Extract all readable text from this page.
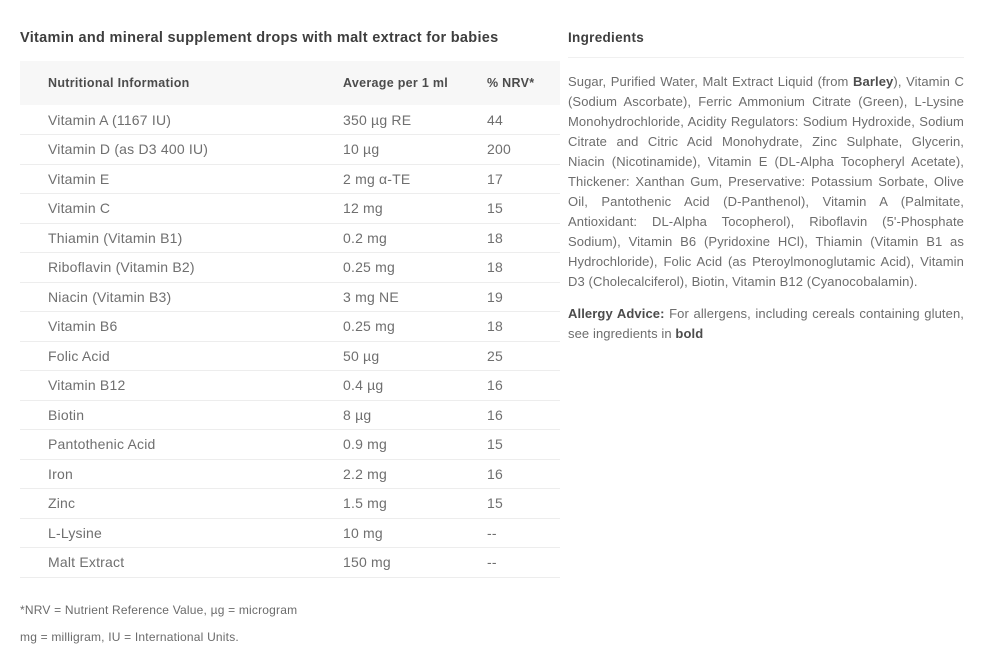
Vitamin and mineral supplement drops with malt extract for babies
Nutritional Information	Average per 1 ml	% NRV*
Vitamin A (1167 IU)	350 µg RE	44
Vitamin D (as D3 400 IU)	10 µg	200
Vitamin E	2 mg α-TE	17
Vitamin C	12 mg	15
Thiamin (Vitamin B1)	0.2 mg	18
Riboflavin (Vitamin B2)	0.25 mg	18
Niacin (Vitamin B3)	3 mg NE	19
Vitamin B6	0.25 mg	18
Folic Acid	50 µg	25
Vitamin B12	0.4 µg	16
Biotin	8 µg	16
Pantothenic Acid	0.9 mg	15
Iron	2.2 mg	16
Zinc	1.5 mg	15
L-Lysine	10 mg	--
Malt Extract	150 mg	--
*NRV = Nutrient Reference Value, µg = microgram
mg = milligram, IU = International Units.
Ingredients

Sugar, Purified Water, Malt Extract Liquid (from Barley), Vitamin C (Sodium Ascorbate), Ferric Ammonium Citrate (Green), L-Lysine Monohydrochloride, Acidity Regulators: Sodium Hydroxide, Sodium Citrate and Citric Acid Monohydrate, Zinc Sulphate, Glycerin, Niacin (Nicotinamide), Vitamin E (DL-Alpha Tocopheryl Acetate), Thickener: Xanthan Gum, Preservative: Potassium Sorbate, Olive Oil, Pantothenic Acid (D-Panthenol), Vitamin A (Palmitate, Antioxidant: DL-Alpha Tocopherol), Riboflavin (5'-Phosphate Sodium), Vitamin B6 (Pyridoxine HCl), Thiamin (Vitamin B1 as Hydrochloride), Folic Acid (as Pteroylmonoglutamic Acid), Vitamin D3 (Cholecalciferol), Biotin, Vitamin B12 (Cyanocobalamin).

Allergy Advice: For allergens, including cereals containing gluten, see ingredients in bold
